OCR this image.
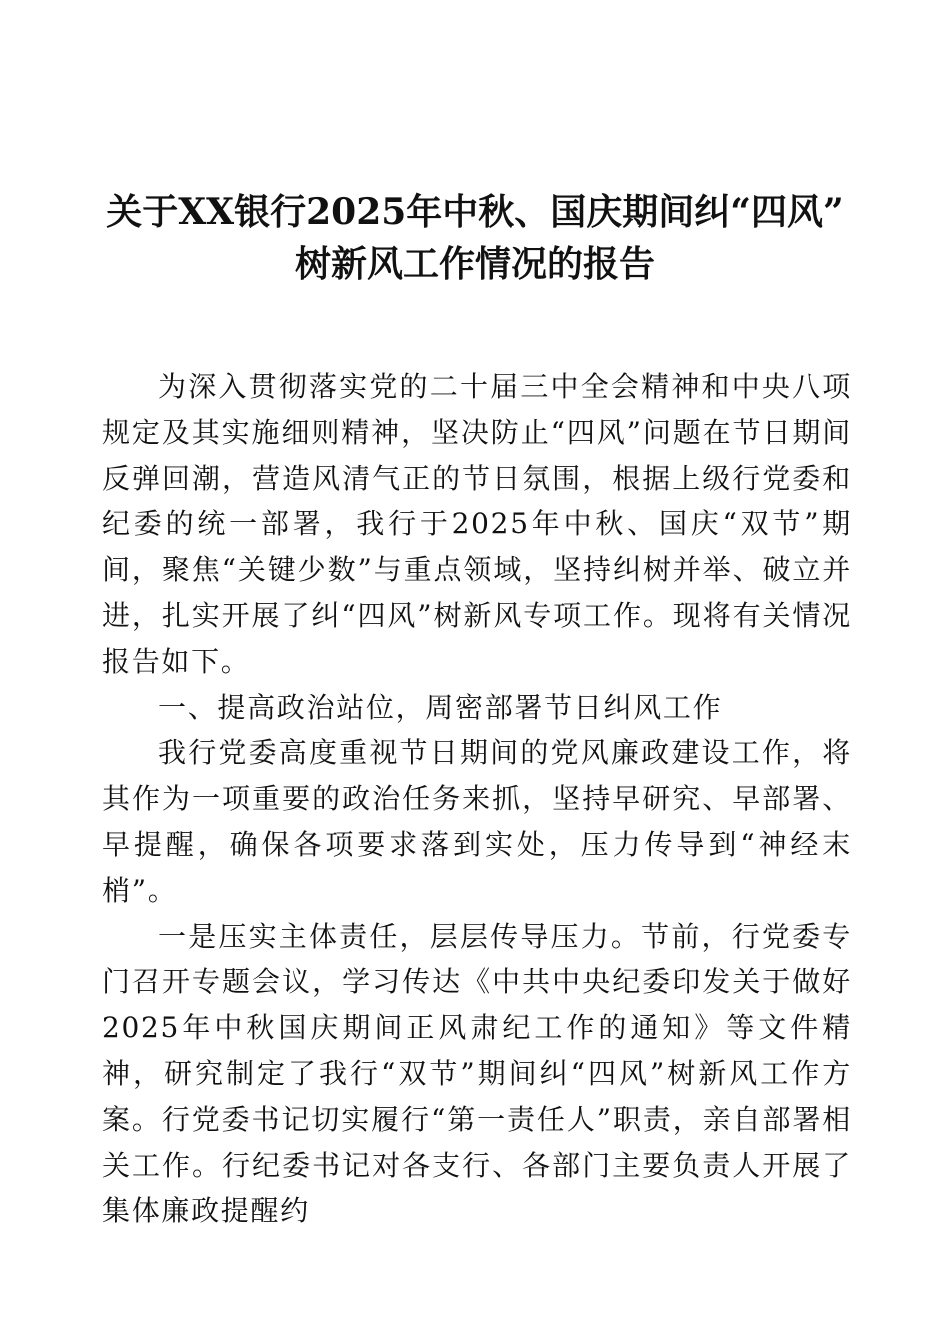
关于XX银行2025年中秋、国庆期间纠“四风”
树新风工作情况的报告

为深入贯彻落实党的二十届三中全会精神和中央八项规定及其实施细则精神，坚决防止“四风”问题在节日期间反弹回潮，营造风清气正的节日氛围，根据上级行党委和纪委的统一部署，我行于2025年中秋、国庆“双节”期间，聚焦“关键少数”与重点领域，坚持纠树并举、破立并进，扎实开展了纠“四风”树新风专项工作。现将有关情况报告如下。

一、提高政治站位，周密部署节日纠风工作

我行党委高度重视节日期间的党风廉政建设工作，将其作为一项重要的政治任务来抓，坚持早研究、早部署、早提醒，确保各项要求落到实处，压力传导到“神经末梢”。

一是压实主体责任，层层传导压力。节前，行党委专门召开专题会议，学习传达《中共中央纪委印发关于做好2025年中秋国庆期间正风肃纪工作的通知》等文件精神，研究制定了我行“双节”期间纠“四风”树新风工作方案。行党委书记切实履行“第一责任人”职责，亲自部署相关工作。行纪委书记对各支行、各部门主要负责人开展了集体廉政提醒约
